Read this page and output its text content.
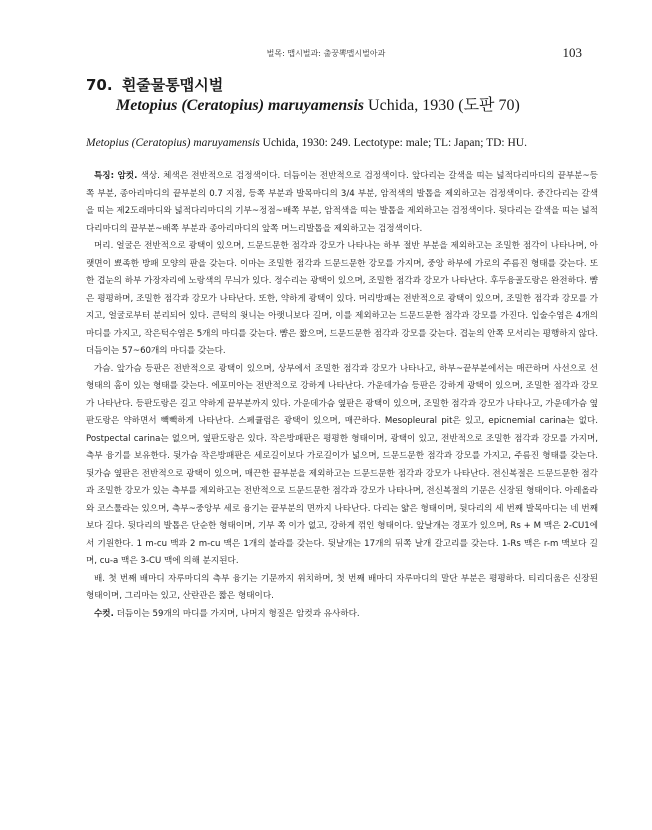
벌목: 맵시벌과: 출꿍뽁맵시벌아과	103
70. 흰줄물통맵시벌
Metopius (Ceratopius) maruyamensis Uchida, 1930 (도판 70)
Metopius (Ceratopius) maruyamensis Uchida, 1930: 249. Lectotype: male; TL: Japan; TD: HU.

특징: 암컷. 색상. 체색은 전반적으로 검정색이다. 더듬이는 전반적으로 검정색이다. 앞다리는 갈색을 띠는 넓적다리마디의 끝부분~등쪽 부분, 종아리마디의 끝부분의 0.7 지점, 등쪽 부분과 발목마디의 3/4 부분, 암적색의 발톱을 제외하고는 검정색이다. 중간다리는 갈색을 띠는 제2도래마디와 넓적다리마디의 기부~정점~배쪽 부분, 암적색을 띠는 발톱을 제외하고는 검정색이다. 뒷다리는 갈색을 띠는 넓적다리마디의 끝부분~배쪽 부분과 종아리마디의 앞쪽 며느리발톱을 제외하고는 검정색이다.

머리. 얼굴은 전반적으로 광택이 있으며, 드문드문한 점각과 강모가 나타나는 하부 절반 부분을 제외하고는 조밀한 점각이 나타나며, 아랫면이 뾰족한 방패 모양의 판을 갖는다. 이마는 조밀한 점각과 드문드문한 강모를 가지며, 중앙 하부에 가로의 주름진 형태를 갖는다. 또한 겹눈의 하부 가장자리에 노랑색의 무늬가 있다. 정수리는 광택이 있으며, 조밀한 점각과 강모가 나타난다. 후두융골도랑은 완전하다. 뺨은 평평하며, 조밀한 점각과 강모가 나타난다. 또한, 약하게 광택이 있다. 머리방패는 전반적으로 광택이 있으며, 조밀한 점각과 강모를 가지고, 얼굴로부터 분리되어 있다. 큰턱의 윗니는 아랫니보다 길며, 이를 제외하고는 드문드문한 점각과 강모를 가진다. 입술수염은 4개의 마디를 가지고, 작은턱수염은 5개의 마디를 갖는다. 뺨은 짧으며, 드문드문한 점각과 강모를 갖는다. 겹눈의 안쪽 모서리는 평행하지 않다. 더듬이는 57~60개의 마디를 갖는다.

가슴. 앞가슴 등판은 전반적으로 광택이 있으며, 상부에서 조밀한 점각과 강모가 나타나고, 하부~끝부분에서는 매끈하며 사선으로 선 형태의 홈이 있는 형태를 갖는다. 에포미아는 전반적으로 강하게 나타난다. 가운데가슴 등판은 강하게 광택이 있으며, 조밀한 점각과 강모가 나타난다. 등판도랑은 길고 약하게 끝부분까지 있다. 가운데가슴 옆판은 광택이 있으며, 조밀한 점각과 강모가 나타나고, 가운데가슴 옆판도랑은 약하면서 빽빽하게 나타난다. 스페큘럼은 광택이 있으며, 매끈하다. Mesopleural pit은 있고, epicnemial carina는 없다. Postpectal carina는 없으며, 옆판도랑은 있다. 작은방패판은 평평한 형태이며, 광택이 있고, 전반적으로 조밀한 점각과 강모를 가지며, 측부 융기를 보유한다. 뒷가슴 작은방패판은 세로길이보다 가로길이가 넓으며, 드문드문한 점각과 강모를 가지고, 주름진 형태를 갖는다. 뒷가슴 옆판은 전반적으로 광택이 있으며, 매끈한 끝부분을 제외하고는 드문드문한 점각과 강모가 나타난다. 전신복절은 드문드문한 점각과 조밀한 강모가 있는 측부를 제외하고는 전반적으로 드문드문한 점각과 강모가 나타나며, 전신복절의 기문은 신장된 형태이다. 아레올라와 코스툴라는 있으며, 측부~중앙부 세로 융기는 끝부분의 면까지 나타난다. 다리는 얇은 형태이며, 뒷다리의 세 번째 발목마디는 네 번째보다 길다. 뒷다리의 발톱은 단순한 형태이며, 기부 쪽 이가 없고, 강하게 꺾인 형태이다. 앞날개는 경포가 있으며, Rs + M 맥은 2-CU1에서 기원한다. 1 m-cu 맥과 2 m-cu 맥은 1개의 불라를 갖는다. 뒷날개는 17개의 뒤쪽 날개 갈고리를 갖는다. 1-Rs 맥은 r-m 맥보다 길며, cu-a 맥은 3-CU 맥에 의해 분지된다.

배. 첫 번째 배마디 자루마디의 측부 융기는 기문까지 위치하며, 첫 번째 배마디 자루마디의 말단 부분은 평평하다. 티리디움은 신장된 형태이며, 그리마는 있고, 산란관은 짧은 형태이다.

수컷. 더듬이는 59개의 마디를 가지며, 나머지 형질은 암컷과 유사하다.
